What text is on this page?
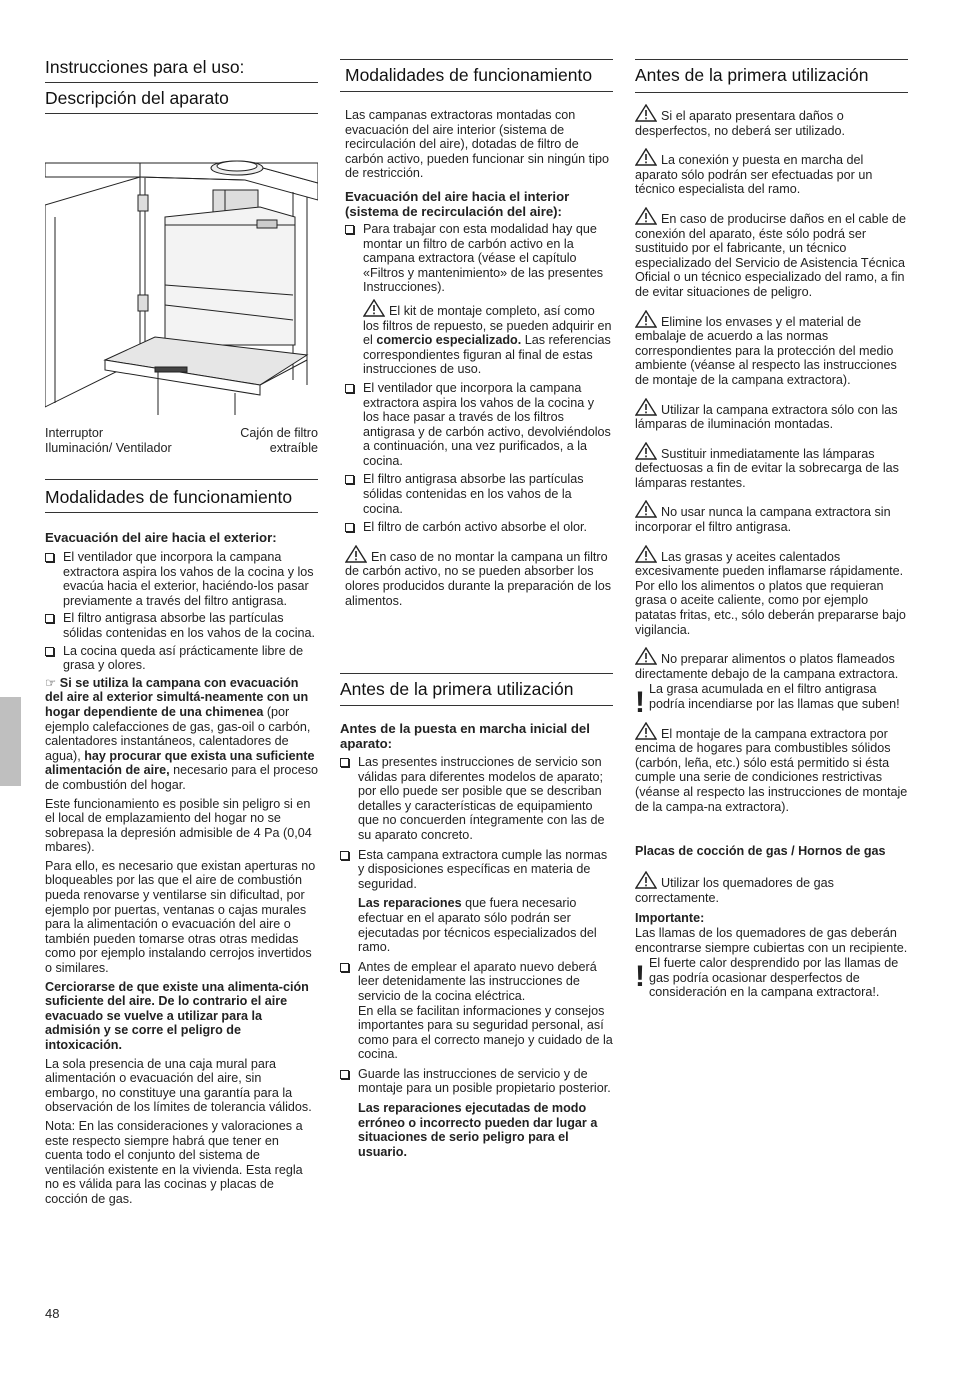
Instrucciones para el uso:
Descripción del aparato
Interruptor
Iluminación/ Ventilador
Cajón de filtro
extraíble
Modalidades de funcionamiento

Evacuación del aire hacia el exterior:

El ventilador que incorpora la campana extractora aspira los vahos de la cocina y los evacúa hacia el exterior, haciéndo-los pasar previamente a través del filtro antigrasa.

El filtro antigrasa absorbe las partículas sólidas contenidas en los vahos de la cocina.

La cocina queda así prácticamente libre de grasa y olores.

☞ Si se utiliza la campana con evacuación del aire al exterior simultá-neamente con un hogar dependiente de una chimenea (por ejemplo calefacciones de gas, gas-oil o carbón, calentadores instantáneos, calentadores de agua), hay procurar que exista una suficiente alimentación de aire, necesario para el proceso de combustión del hogar.

Este funcionamiento es posible sin peligro si en el local de emplazamiento del hogar no se sobrepasa la depresión admisible de 4 Pa (0,04 mbares).

Para ello, es necesario que existan aperturas no bloqueables por las que el aire de combustión pueda renovarse y ventilarse sin dificultad, por ejemplo por puertas, ventanas o cajas murales para la alimentación o evacuación del aire o también pueden tomarse otras otras medidas como por ejemplo instalando cerrojos invertidos o similares.

Cerciorarse de que existe una alimenta-ción suficiente del aire. De lo contrario el aire evacuado se vuelve a utilizar para la admisión y se corre el peligro de intoxicación.

La sola presencia de una caja mural para alimentación o evacuación del aire, sin embargo, no constituye una garantía para la observación de los límites de tolerancia válidos.

Nota: En las consideraciones y valoraciones a este respecto siempre habrá que tener en cuenta todo el conjunto del sistema de ventilación existente en la vivienda. Esta regla no es válida para las cocinas y placas de cocción de gas.

Modalidades de funcionamiento

Las campanas extractoras montadas con evacuación del aire interior (sistema de recirculación del aire), dotadas de filtro de carbón activo, pueden funcionar sin ningún tipo de restricción.

Evacuación del aire hacia el interior (sistema de recirculación del aire):

Para trabajar con esta modalidad hay que montar un filtro de carbón activo en la campana extractora (véase el capítulo «Filtros y mantenimiento» de las presentes Instrucciones).

El kit de montaje completo, así como los filtros de repuesto, se pueden adquirir en el comercio especializado. Las referencias correspondientes figuran al final de estas instrucciones de uso.

El ventilador que incorpora la campana extractora aspira los vahos de la cocina y los hace pasar a través de los filtros antigrasa y de carbón activo, devolviéndolos a continuación, una vez purificados, a la cocina.

El filtro antigrasa absorbe las partículas sólidas contenidas en los vahos de la cocina.

El filtro de carbón activo absorbe el olor.

En caso de no montar la campana un filtro de carbón activo, no se pueden absorber los olores producidos durante la preparación de los alimentos.

Antes de la primera utilización

Antes de la puesta en marcha inicial del aparato:

Las presentes instrucciones de servicio son válidas para diferentes modelos de aparato; por ello puede ser posible que se describan detalles y características de equipamiento que no concuerden íntegramente con las de su aparato concreto.

Esta campana extractora cumple las normas y disposiciones específicas en materia de seguridad.

Las reparaciones que fuera necesario efectuar en el aparato sólo podrán ser ejecutadas por técnicos especializados del ramo.

Antes de emplear el aparato nuevo deberá leer detenidamente las instrucciones de servicio de la cocina eléctrica.
En ella se facilitan informaciones y consejos importantes para su seguridad personal, así como para el correcto manejo y cuidado de la cocina.

Guarde las instrucciones de servicio y de montaje para un posible propietario posterior.

Las reparaciones ejecutadas de modo erróneo o incorrecto pueden dar lugar a situaciones de serio peligro para el usuario.

Antes de la primera utilización

Si el aparato presentara daños o desperfectos, no deberá ser utilizado.

La conexión y puesta en marcha del aparato sólo podrán ser efectuadas por un técnico especialista del ramo.

En caso de producirse daños en el cable de conexión del aparato, éste sólo podrá ser sustituido por el fabricante, un técnico especializado del Servicio de Asistencia Técnica Oficial o un técnico especializado del ramo, a fin de evitar situaciones de peligro.

Elimine los envases y el material de embalaje de acuerdo a las normas correspondientes para la protección del medio ambiente (véanse al respecto las instrucciones de montaje de la campana extractora).

Utilizar la campana extractora sólo con las lámparas de iluminación montadas.

Sustituir inmediatamente las lámparas defectuosas a fin de evitar la sobrecarga de las lámparas restantes.

No usar nunca la campana extractora sin incorporar el filtro antigrasa.

Las grasas y aceites calentados excesivamente pueden inflamarse rápidamente. Por ello los alimentos o platos que requieran grasa o aceite caliente, como por ejemplo patatas fritas, etc., sólo deberán prepararse bajo vigilancia.

No preparar alimentos o platos flameados directamente debajo de la campana extractora.

! La grasa acumulada en el filtro antigrasa podría incendiarse por las llamas que suben!

El montaje de la campana extractora por encima de hogares para combustibles sólidos (carbón, leña, etc.) sólo está permitido si ésta cumple una serie de condiciones restrictivas (véanse al respecto las instrucciones de montaje de la campa-na extractora).

Placas de cocción de gas / Hornos de gas

Utilizar los quemadores de gas correctamente.

Importante:

Las llamas de los quemadores de gas deberán encontrarse siempre cubiertas con un recipiente.

! El fuerte calor desprendido por las llamas de gas podría ocasionar desperfectos de consideración en la campana extractora!.

48
